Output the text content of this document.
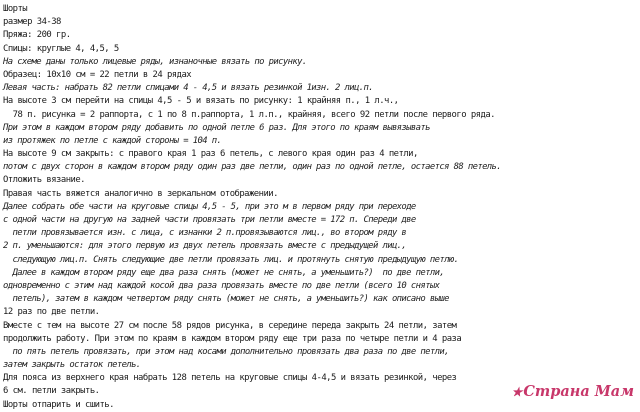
Шорты
размер 34-38
Пряжа: 200 гр.
Спицы: круглые 4, 4,5, 5
На схеме даны только лицевые ряды, изнаночные вязать по рисунку.
Образец: 10х10 см = 22 петли в 24 рядах
Левая часть: набрать 82 петли спицами 4 - 4,5 и вязать резинкой 1изн. 2 лиц.п.
На высоте 3 см перейти на спицы 4,5 - 5 и вязать по рисунку: 1 крайняя п., 1 л.ч.,
78 п. рисунка = 2 раппорта, с 1 по 8 п.раппорта, 1 л.п., крайняя, всего 92 петли после первого ряда.
При этом в каждом втором ряду добавить по одной петле 6 раз. Для этого по краям вывязывать
из протяжек по петле с каждой стороны = 104 п.
На высоте 9 см закрыть: с правого края 1 раз 6 петель, с левого края один раз 4 петли,
потом с двух сторон в каждом втором ряду один раз две петли, один раз по одной петле, остается 88 петель.
Отложить вязание.
Правая часть вяжется аналогично в зеркальном отображении.
Далее собрать обе части на круговые спицы 4,5 - 5, при это м в первом ряду при переходе
с одной части на другую на задней части провязать три петли вместе = 172 п. Спереди две
петли провязывается изн. с лица, с изнанки 2 п.провязываются лиц., во втором ряду в
2 п. уменьшаются: для этого первую из двух петель провязать вместе с предыдущей лиц.,
следующую лиц.п. Снять следующие две петли провязать лиц. и протянуть снятую предыдущую петлю.
Далее в каждом втором ряду еще два раза снять (может не снять, а уменьшить?)  по две петли,
одновременно с этим над каждой косой два раза провязать вместе по две петли (всего 10 снятых
петель), затем в каждом четвертом ряду снять (может не снять, а уменьшить?) как описано выше
12 раз по две петли.
Вместе с тем на высоте 27 см после 58 рядов рисунка, в середине переда закрыть 24 петли, затем
продолжить работу. При этом по краям в каждом втором ряду еще три раза по четыре петли и 4 раза
по пять петель провязать, при этом над косами дополнительно провязать два раза по две петли,
затем закрыть остаток петель.
Для пояса из верхнего края набрать 128 петель на круговые спицы 4-4,5 и вязать резинкой, через
6 см. петли закрыть.
Шорты отпарить и сшить.
★Страна Мам
